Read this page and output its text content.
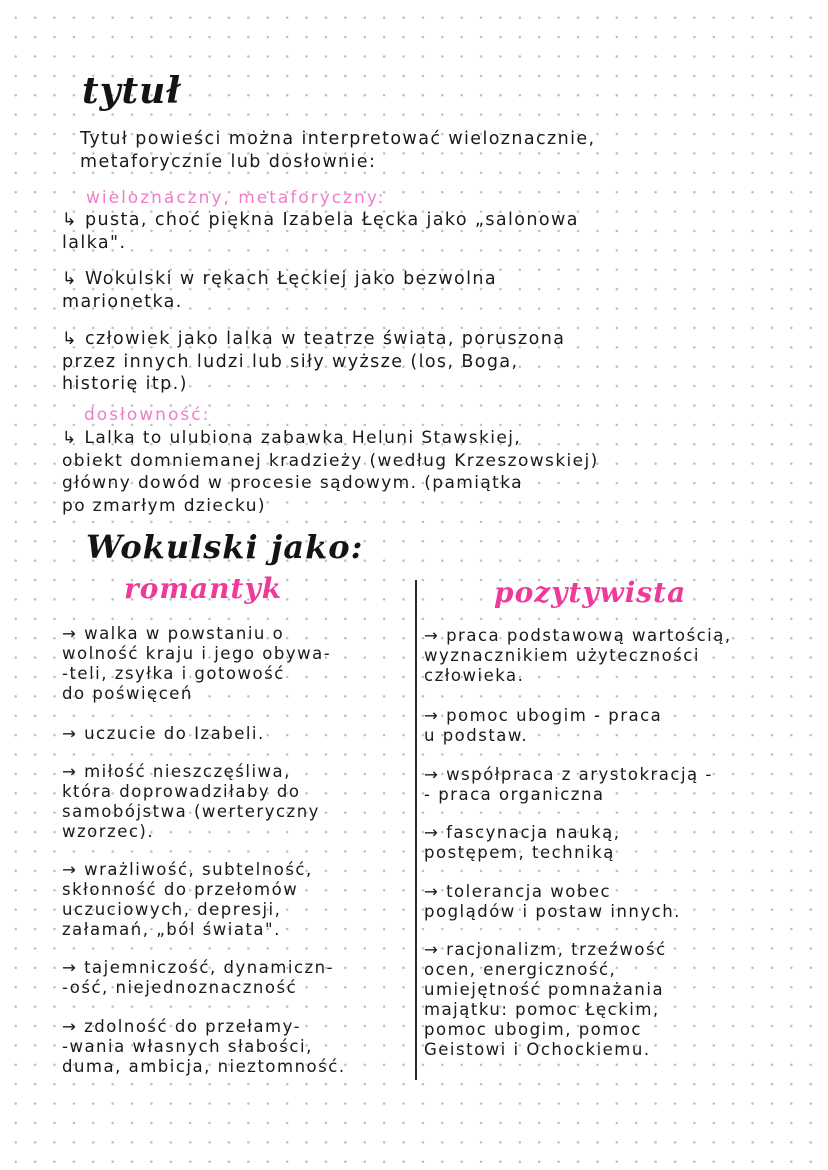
tytuł

Tytuł powieści można interpretować wieloznacznie,
metaforycznie lub dosłownie:

wieloznaczny, metaforyczny:

↳ pusta, choć piękna Izabela Łęcka jako „salonowa
lalka".

↳ Wokulski w rękach Łęckiej jako bezwolna
marionetka.

↳ człowiek jako lalka w teatrze świata, poruszona
przez innych ludzi lub siły wyższe (los, Boga,
historię itp.)

dosłowność:

↳ Lalka to ulubiona zabawka Heluni Stawskiej,
obiekt domniemanej kradzieży (według Krzeszowskiej)
główny dowód w procesie sądowym. (pamiątka
po zmarłym dziecku)

Wokulski jako:
romantyk	pozytywista

→ walka w powstaniu o
wolność kraju i jego obywa-
-teli, zsyłka i gotowość
do poświęceń

→ uczucie do Izabeli.

→ miłość nieszczęśliwa,
która doprowadziłaby do
samobójstwa (werteryczny
wzorzec).

→ wrażliwość, subtelność,
skłonność do przełomów
uczuciowych, depresji,
załamań, „ból świata".

→ tajemniczość, dynamiczn-
-ość, niejednoznaczność

→ zdolność do przełamy-
-wania własnych słabości,
duma, ambicja, nieztomność.

→ praca podstawową wartością,
wyznacznikiem użyteczności
człowieka.

→ pomoc ubogim - praca
u podstaw.

→ współpraca z arystokracją -
- praca organiczna

→ fascynacja nauką,
postępem, techniką

→ tolerancja wobec
poglądów i postaw innych.

→ racjonalizm, trzeźwość
ocen, energiczność,
umiejętność pomnażania
majątku: pomoc Łęckim,
pomoc ubogim, pomoc
Geistowi i Ochockiemu.
